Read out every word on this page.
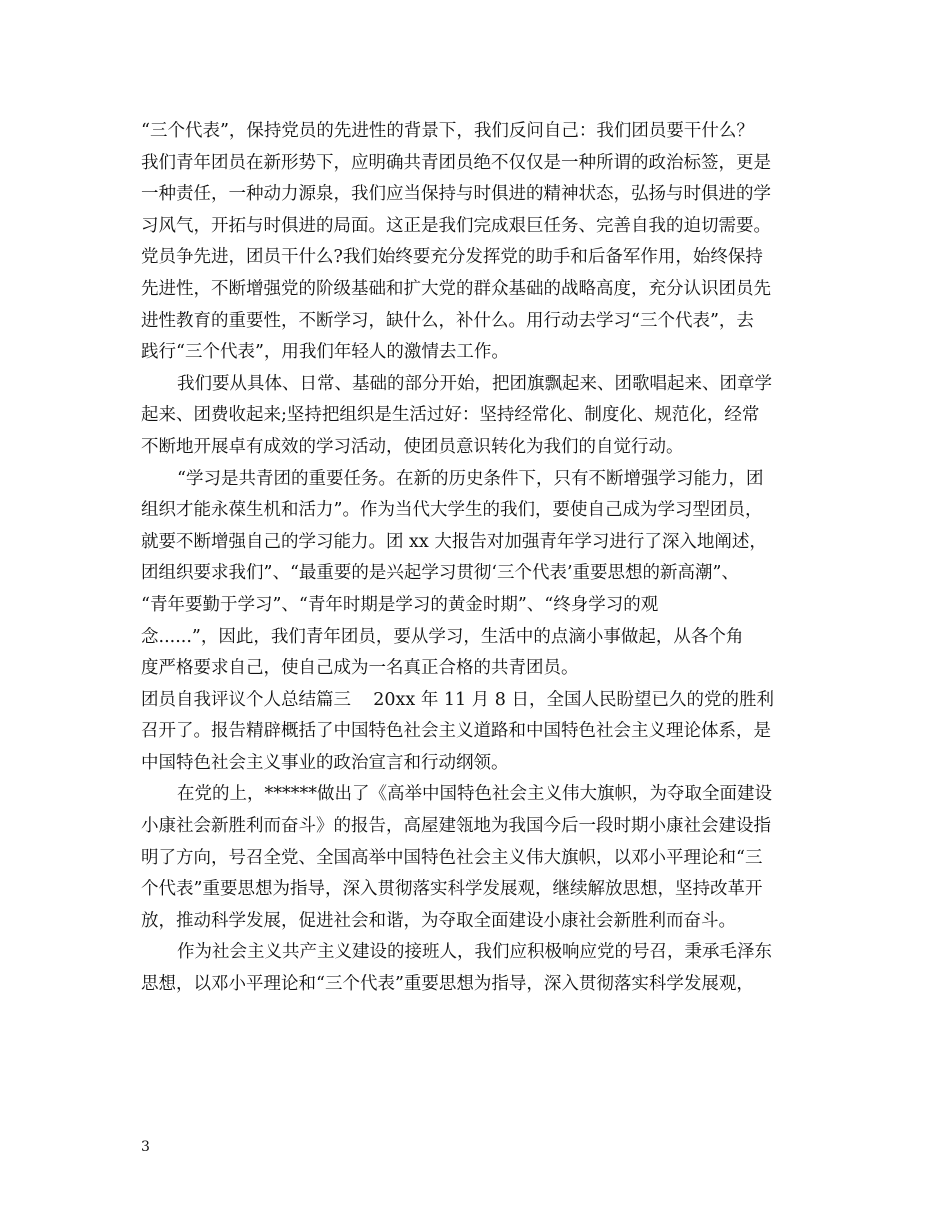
“三个代表”，保持党员的先进性的背景下，我们反问自己：我们团员要干什么？
我们青年团员在新形势下，应明确共青团员绝不仅仅是一种所谓的政治标签，更是
一种责任，一种动力源泉，我们应当保持与时俱进的精神状态，弘扬与时俱进的学
习风气，开拓与时俱进的局面。这正是我们完成艰巨任务、完善自我的迫切需要。
党员争先进，团员干什么?我们始终要充分发挥党的助手和后备军作用，始终保持
先进性，不断增强党的阶级基础和扩大党的群众基础的战略高度，充分认识团员先
进性教育的重要性，不断学习，缺什么，补什么。用行动去学习“三个代表”，去
践行“三个代表”，用我们年轻人的激情去工作。
我们要从具体、日常、基础的部分开始，把团旗飘起来、团歌唱起来、团章学
起来、团费收起来;坚持把组织是生活过好：坚持经常化、制度化、规范化，经常
不断地开展卓有成效的学习活动，使团员意识转化为我们的自觉行动。
“学习是共青团的重要任务。在新的历史条件下，只有不断增强学习能力，团
组织才能永葆生机和活力”。作为当代大学生的我们，要使自己成为学习型团员，
就要不断增强自己的学习能力。团 xx 大报告对加强青年学习进行了深入地阐述，
团组织要求我们”、“最重要的是兴起学习贯彻‘三个代表’重要思想的新高潮”、
“青年要勤于学习”、“青年时期是学习的黄金时期”、“终身学习的观
念......”，因此，我们青年团员，要从学习，生活中的点滴小事做起，从各个角
度严格要求自己，使自己成为一名真正合格的共青团员。
团员自我评议个人总结篇三    20xx 年 11 月 8 日，全国人民盼望已久的党的胜利
召开了。报告精辟概括了中国特色社会主义道路和中国特色社会主义理论体系，是
中国特色社会主义事业的政治宣言和行动纲领。
在党的上，******做出了《高举中国特色社会主义伟大旗帜，为夺取全面建设
小康社会新胜利而奋斗》的报告，高屋建瓴地为我国今后一段时期小康社会建设指
明了方向，号召全党、全国高举中国特色社会主义伟大旗帜，以邓小平理论和“三
个代表”重要思想为指导，深入贯彻落实科学发展观，继续解放思想，坚持改革开
放，推动科学发展，促进社会和谐，为夺取全面建设小康社会新胜利而奋斗。
作为社会主义共产主义建设的接班人，我们应积极响应党的号召，秉承毛泽东
思想，以邓小平理论和“三个代表”重要思想为指导，深入贯彻落实科学发展观，
3
